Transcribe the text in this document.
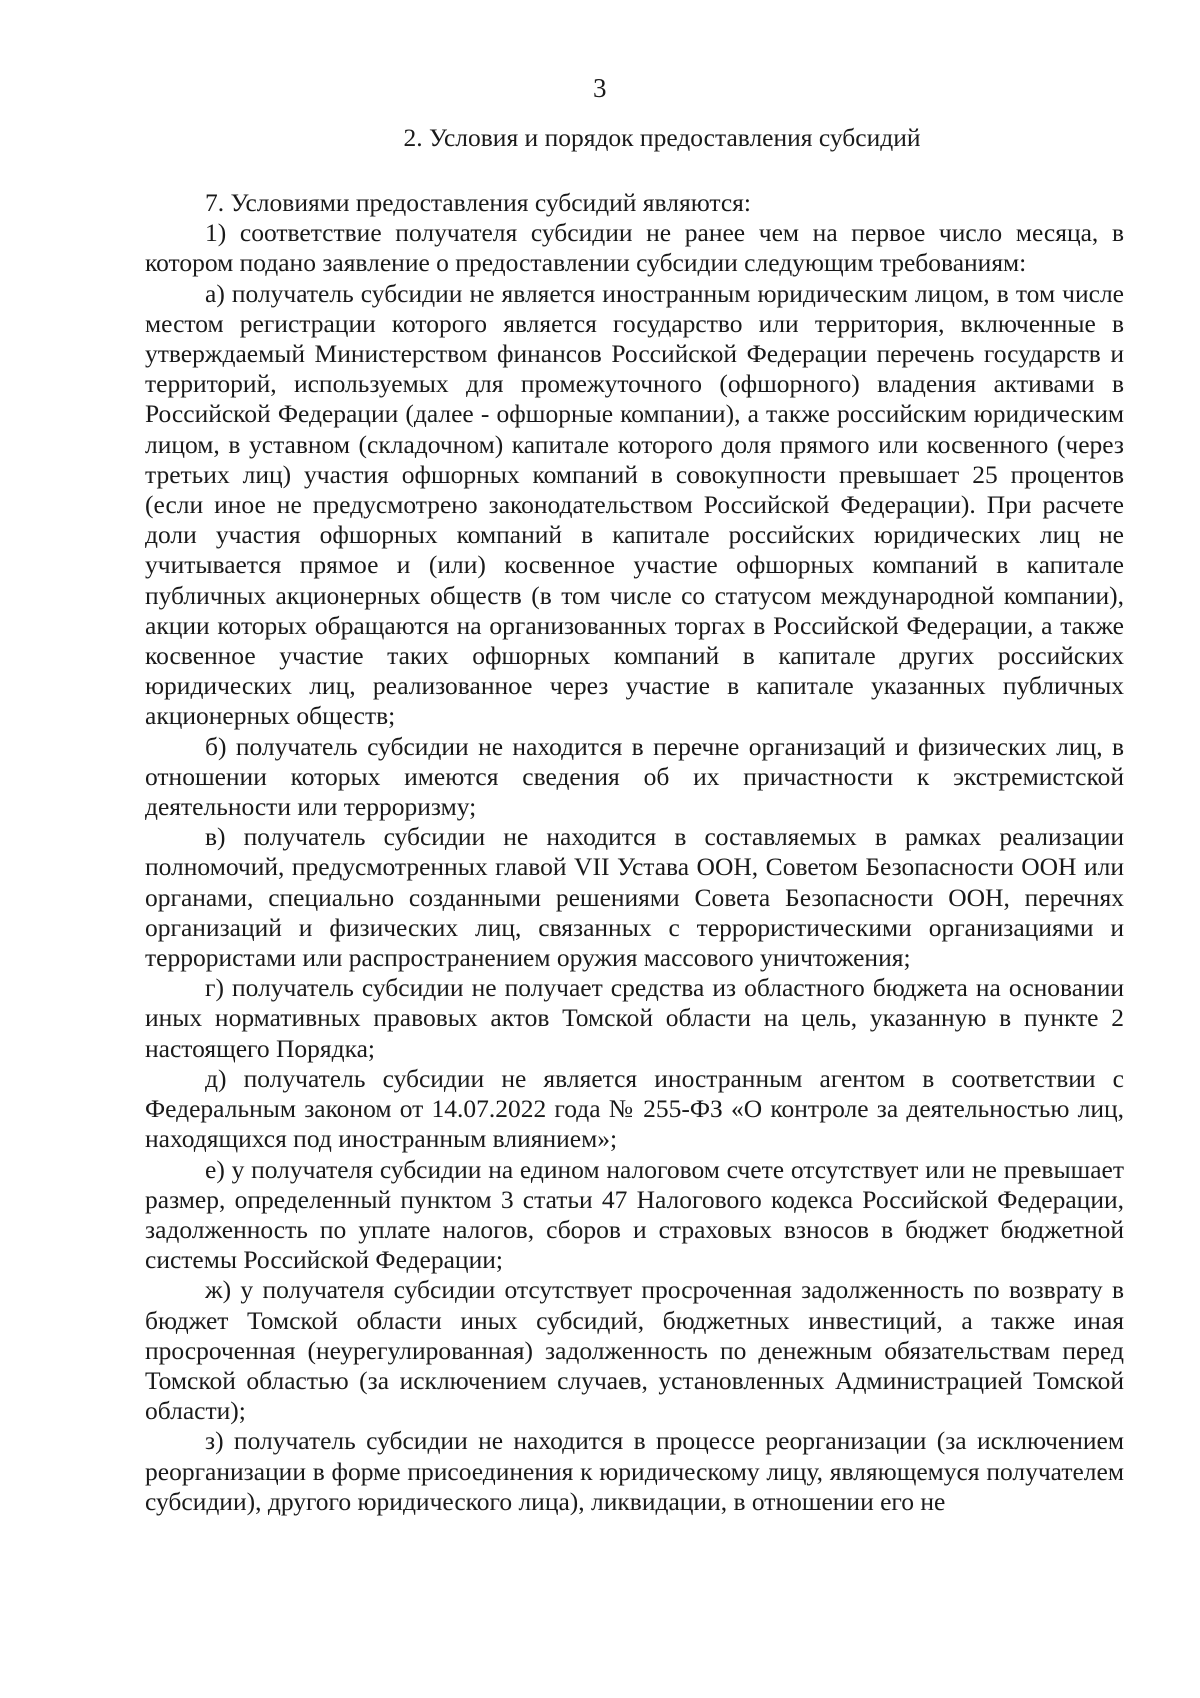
3
2. Условия и порядок предоставления субсидий

7. Условиями предоставления субсидий являются:

1) соответствие получателя субсидии не ранее чем на первое число месяца, в котором подано заявление о предоставлении субсидии следующим требованиям:

а) получатель субсидии не является иностранным юридическим лицом, в том числе местом регистрации которого является государство или территория, включенные в утверждаемый Министерством финансов Российской Федерации перечень государств и территорий, используемых для промежуточного (офшорного) владения активами в Российской Федерации (далее - офшорные компании), а также российским юридическим лицом, в уставном (складочном) капитале которого доля прямого или косвенного (через третьих лиц) участия офшорных компаний в совокупности превышает 25 процентов (если иное не предусмотрено законодательством Российской Федерации). При расчете доли участия офшорных компаний в капитале российских юридических лиц не учитывается прямое и (или) косвенное участие офшорных компаний в капитале публичных акционерных обществ (в том числе со статусом международной компании), акции которых обращаются на организованных торгах в Российской Федерации, а также косвенное участие таких офшорных компаний в капитале других российских юридических лиц, реализованное через участие в капитале указанных публичных акционерных обществ;

б) получатель субсидии не находится в перечне организаций и физических лиц, в отношении которых имеются сведения об их причастности к экстремистской деятельности или терроризму;

в) получатель субсидии не находится в составляемых в рамках реализации полномочий, предусмотренных главой VII Устава ООН, Советом Безопасности ООН или органами, специально созданными решениями Совета Безопасности ООН, перечнях организаций и физических лиц, связанных с террористическими организациями и террористами или распространением оружия массового уничтожения;

г) получатель субсидии не получает средства из областного бюджета на основании иных нормативных правовых актов Томской области на цель, указанную в пункте 2 настоящего Порядка;

д) получатель субсидии не является иностранным агентом в соответствии с Федеральным законом от 14.07.2022 года № 255-ФЗ «О контроле за деятельностью лиц, находящихся под иностранным влиянием»;

е) у получателя субсидии на едином налоговом счете отсутствует или не превышает размер, определенный пунктом 3 статьи 47 Налогового кодекса Российской Федерации, задолженность по уплате налогов, сборов и страховых взносов в бюджет бюджетной системы Российской Федерации;

ж) у получателя субсидии отсутствует просроченная задолженность по возврату в бюджет Томской области иных субсидий, бюджетных инвестиций, а также иная просроченная (неурегулированная) задолженность по денежным обязательствам перед Томской областью (за исключением случаев, установленных Администрацией Томской области);

з) получатель субсидии не находится в процессе реорганизации (за исключением реорганизации в форме присоединения к юридическому лицу, являющемуся получателем субсидии), другого юридического лица), ликвидации, в отношении его не
